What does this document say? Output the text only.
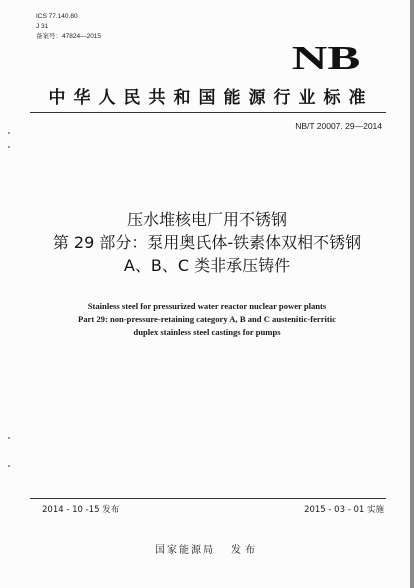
ICS 77.140.80
J 31
备案号：47824—2015
NB
中华人民共和国能源行业标准
NB/T 20007. 29—2014
压水堆核电厂用不锈钢
第 29 部分：泵用奥氏体-铁素体双相不锈钢
A、B、C 类非承压铸件
Stainless steel for pressurized water reactor nuclear power plants
Part 29: non-pressure-retaining category A, B and C austenitic-ferritic
duplex stainless steel castings for pumps
2014 - 10 -15 发布	2015 - 03 - 01 实施
国家能源局 发布
